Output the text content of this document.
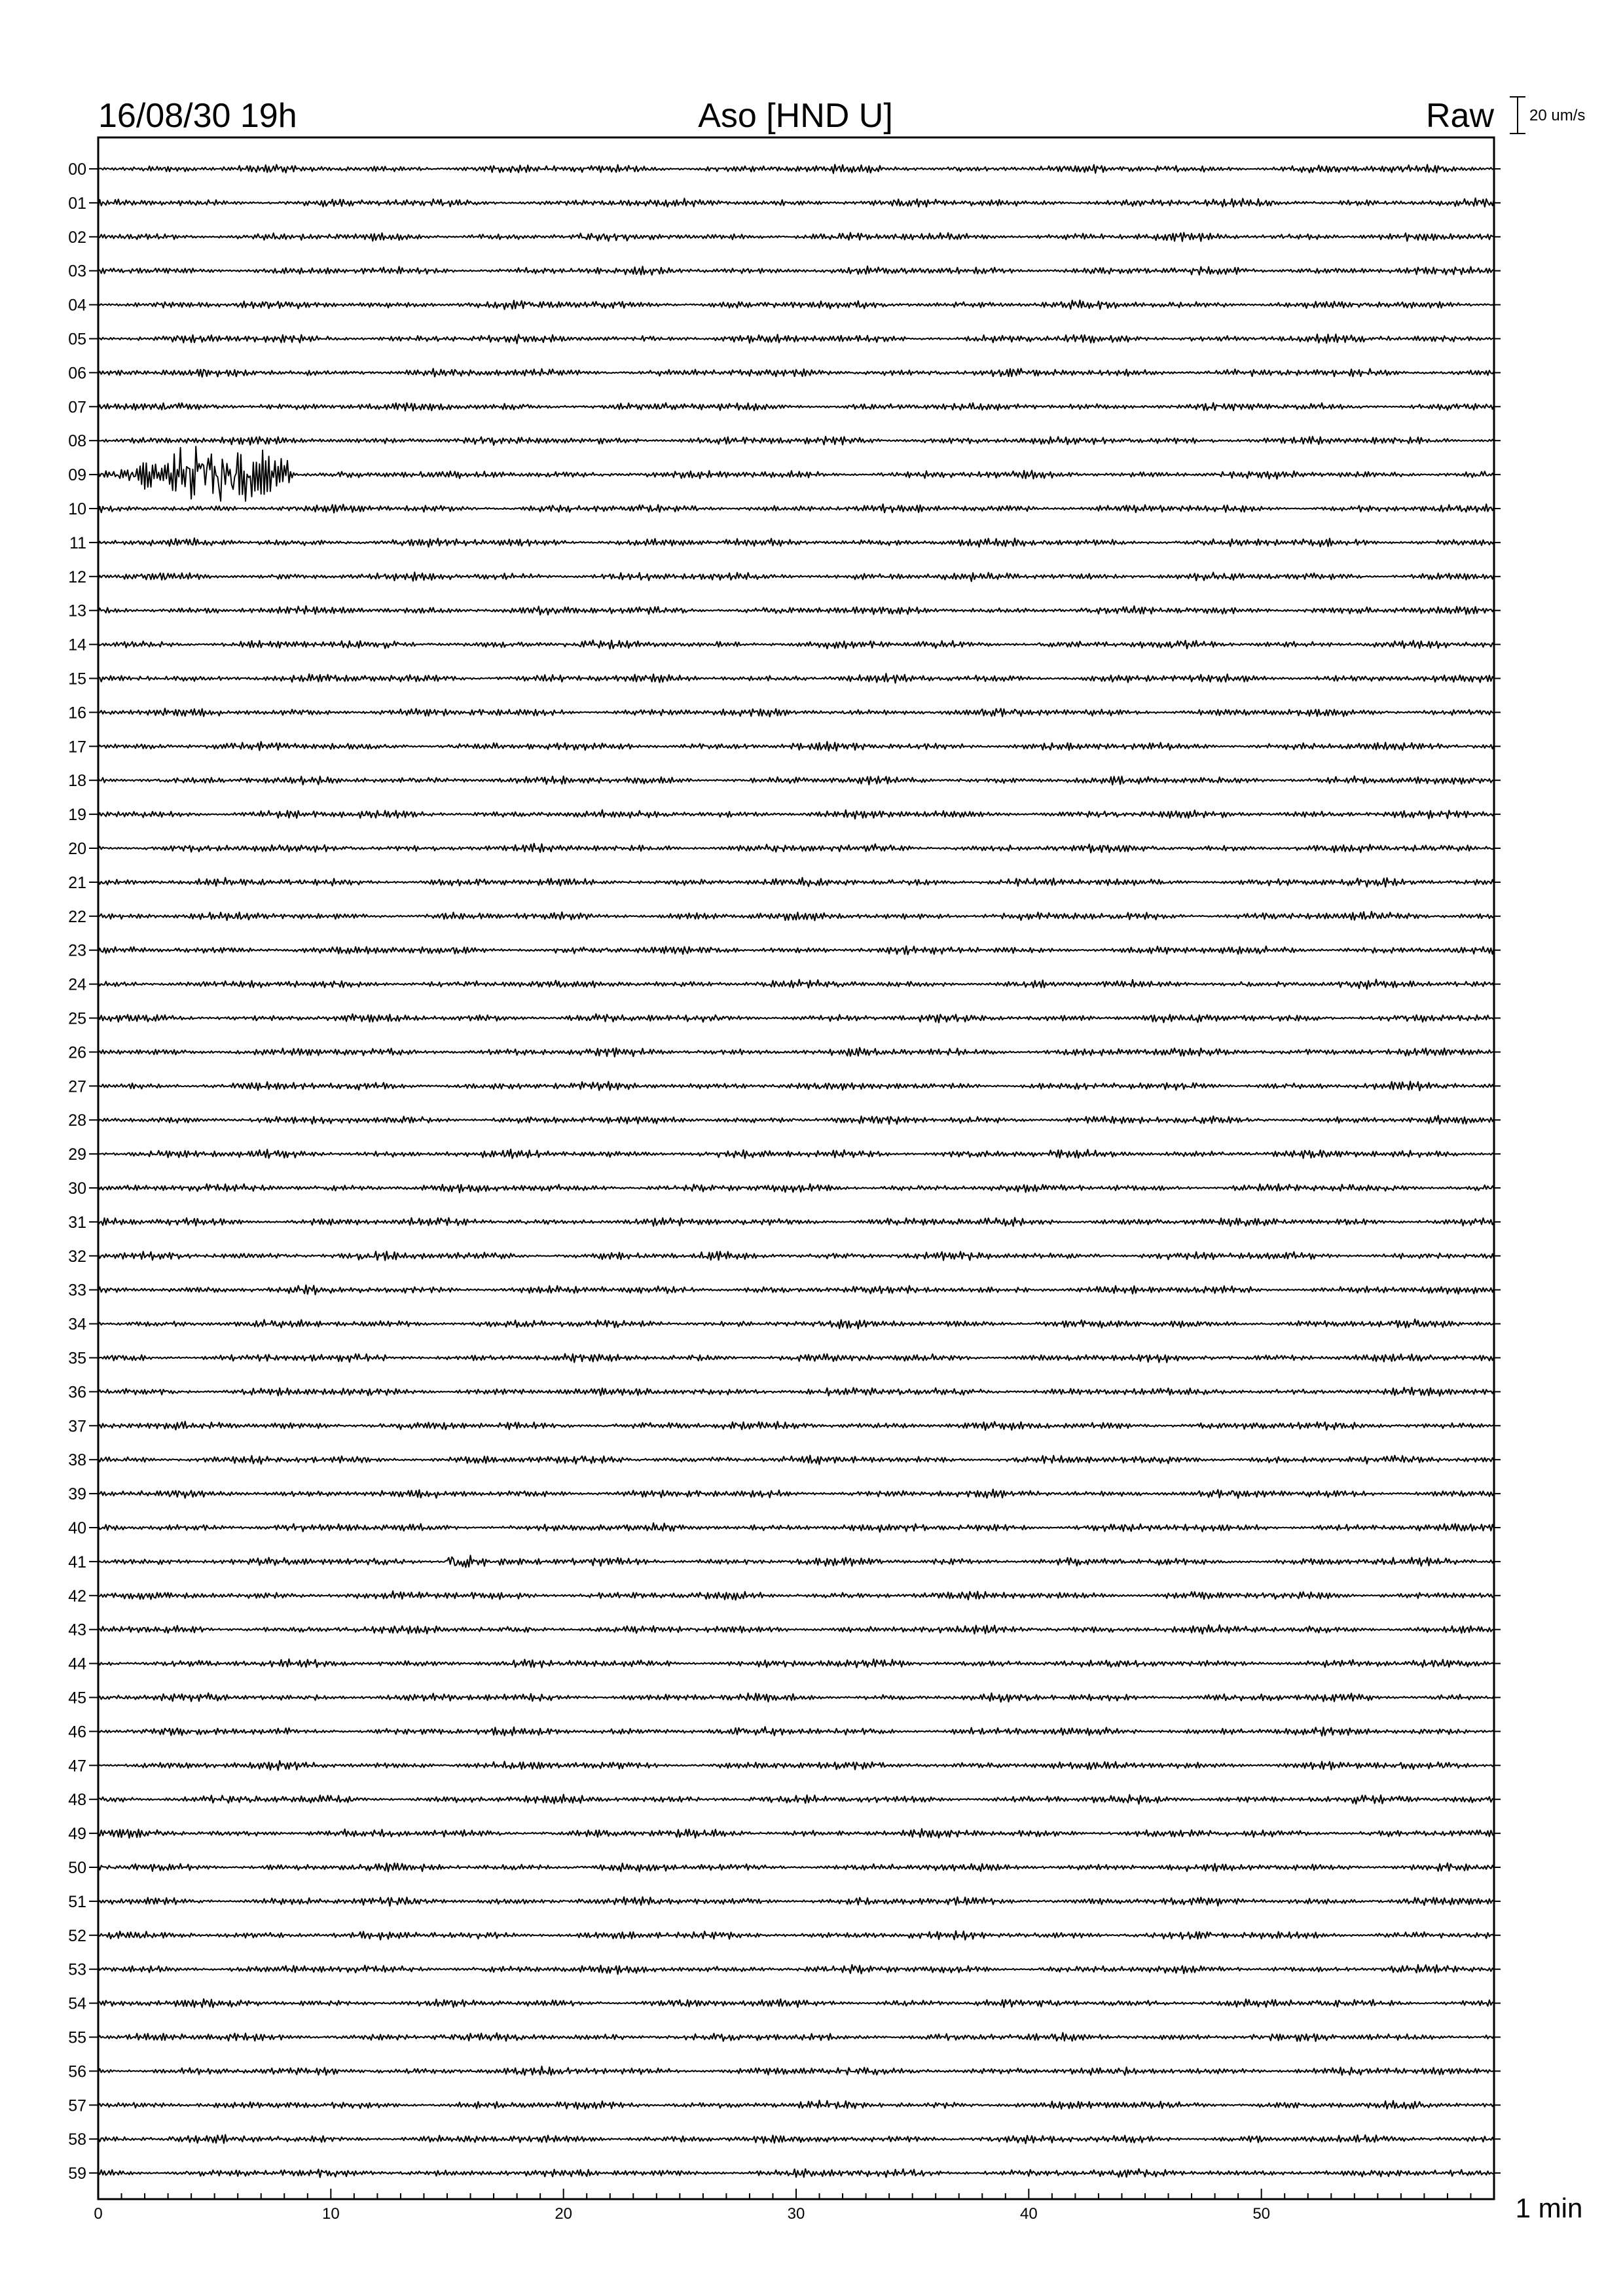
16/08/30 19h	Aso [HND U]	Raw 20 um/s
00
01
02
03
04
05
06
07
08
09
10
11
12
13
14
15
16
17
18
19
20
21
22
23
24
25
26
27
28
29
30
31
32
33
34
35
36
37
38
39
40
41
42
43
44
45
46
47
48
49
50
51
52
53
54
55
56
57
58
59
0	10	20	30	40	50	1 min
